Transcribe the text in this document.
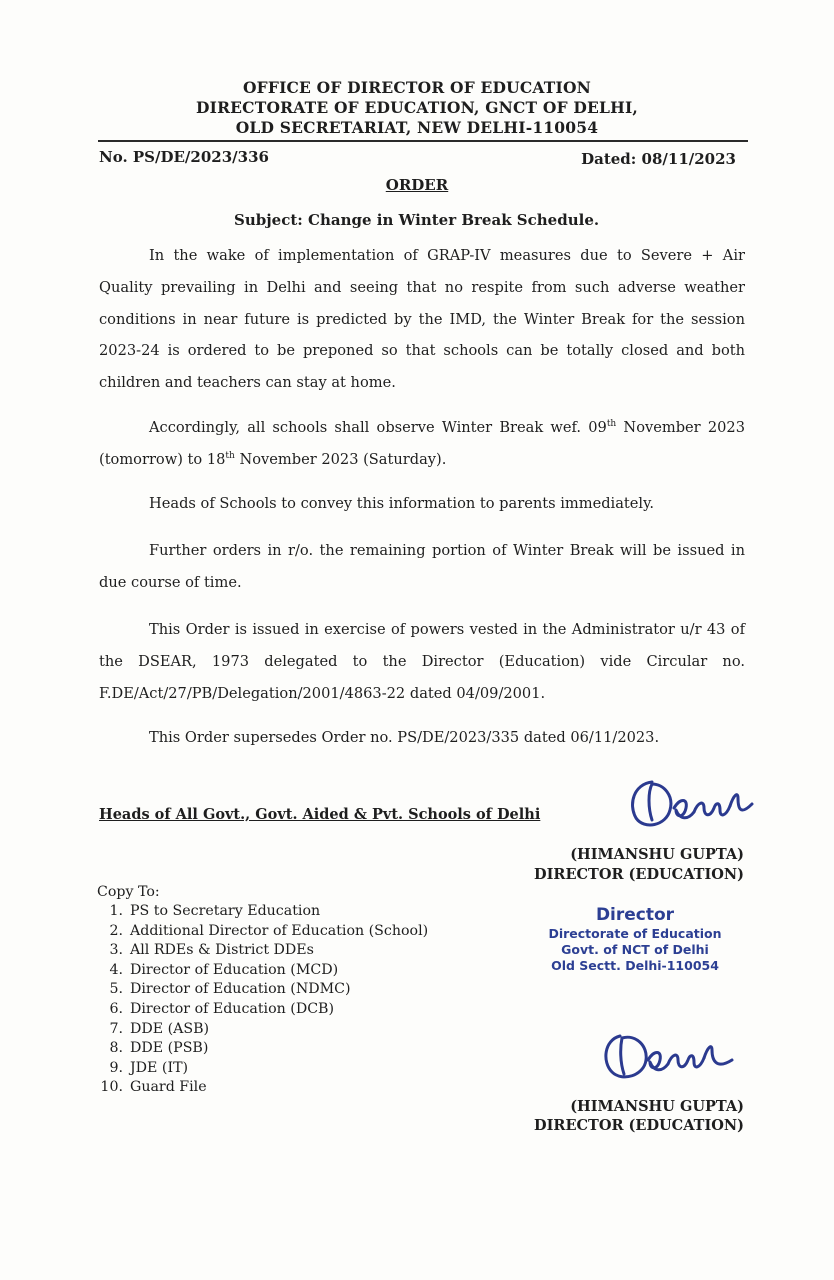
OFFICE OF DIRECTOR OF EDUCATION
DIRECTORATE OF EDUCATION, GNCT OF DELHI,
OLD SECRETARIAT, NEW DELHI-110054
No. PS/DE/2023/336	Dated: 08/11/2023
ORDER
Subject: Change in Winter Break Schedule.

In the wake of implementation of GRAP-IV measures due to Severe + Air Quality prevailing in Delhi and seeing that no respite from such adverse weather conditions in near future is predicted by the IMD, the Winter Break for the session 2023-24 is ordered to be preponed so that schools can be totally closed and both children and teachers can stay at home.

Accordingly, all schools shall observe Winter Break wef. 09th November 2023 (tomorrow) to 18th November 2023 (Saturday).

Heads of Schools to convey this information to parents immediately.

Further orders in r/o. the remaining portion of Winter Break will be issued in due course of time.

This Order is issued in exercise of powers vested in the Administrator u/r 43 of the DSEAR, 1973 delegated to the Director (Education) vide Circular no. F.DE/Act/27/PB/Delegation/2001/4863-22 dated 04/09/2001.

This Order supersedes Order no. PS/DE/2023/335 dated 06/11/2023.

Heads of All Govt., Govt. Aided & Pvt. Schools of Delhi
(HIMANSHU GUPTA)
DIRECTOR (EDUCATION)
Copy To:
1. PS to Secretary Education
2. Additional Director of Education (School)
3. All RDEs & District DDEs
4. Director of Education (MCD)
5. Director of Education (NDMC)
6. Director of Education (DCB)
7. DDE (ASB)
8. DDE (PSB)
9. JDE (IT)
10. Guard File
Director
Directorate of Education
Govt. of NCT of Delhi
Old Sectt. Delhi-110054
(HIMANSHU GUPTA)
DIRECTOR (EDUCATION)
